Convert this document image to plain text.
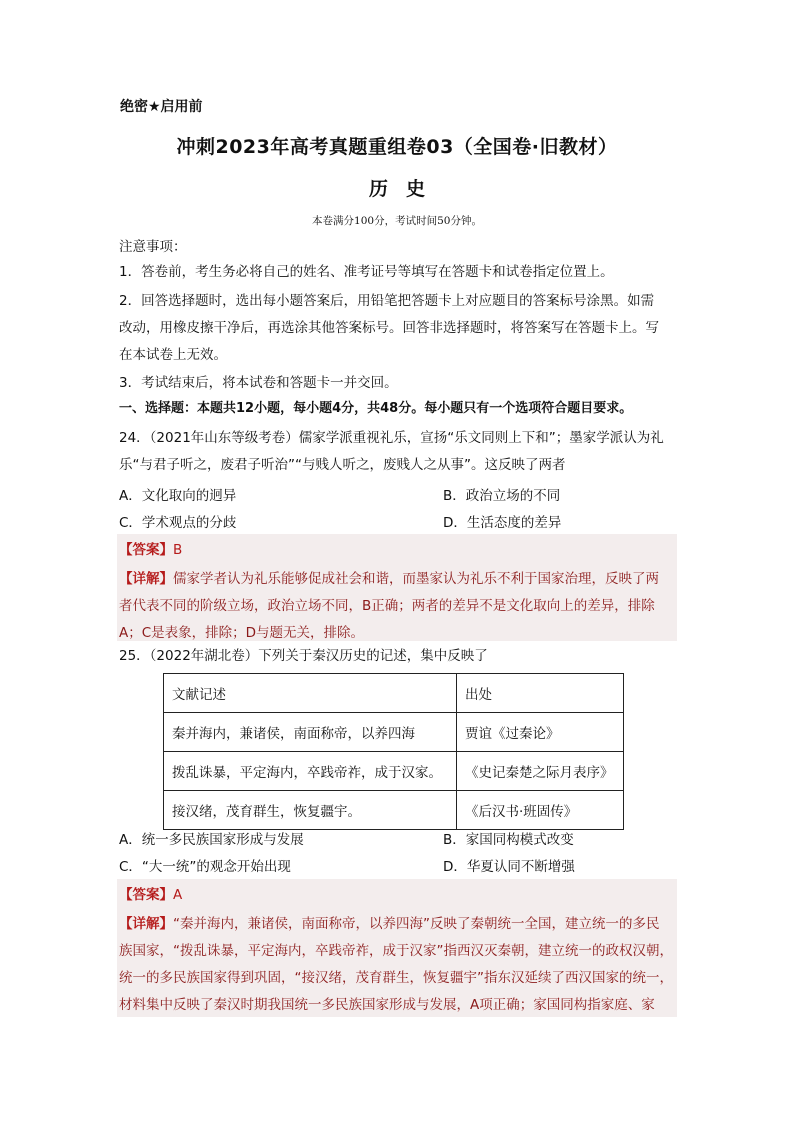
绝密★启用前
冲刺2023年高考真题重组卷03（全国卷·旧教材）
历史
本卷满分100分，考试时间50分钟。
注意事项：
1．答卷前，考生务必将自己的姓名、准考证号等填写在答题卡和试卷指定位置上。
2．回答选择题时，选出每小题答案后，用铅笔把答题卡上对应题目的答案标号涂黑。如需
改动，用橡皮擦干净后，再选涂其他答案标号。回答非选择题时，将答案写在答题卡上。写
在本试卷上无效。
3．考试结束后，将本试卷和答题卡一并交回。
一、选择题：本题共12小题，每小题4分，共48分。每小题只有一个选项符合题目要求。
24．（2021年山东等级考卷）儒家学派重视礼乐，宣扬“乐文同则上下和”；墨家学派认为礼
乐“与君子听之，废君子听治”“与贱人听之，废贱人之从事”。这反映了两者
A．文化取向的迥异	B．政治立场的不同
C．学术观点的分歧	D．生活态度的差异
【答案】B
【详解】儒家学者认为礼乐能够促成社会和谐，而墨家认为礼乐不利于国家治理，反映了两
者代表不同的阶级立场，政治立场不同，B正确；两者的差异不是文化取向上的差异，排除
A；C是表象，排除；D与题无关，排除。
25．（2022年湖北卷）下列关于秦汉历史的记述，集中反映了
文献记述	出处
秦并海内，兼诸侯，南面称帝，以养四海	贾谊《过秦论》
拨乱诛暴，平定海内，卒践帝祚，成于汉家。	《史记秦楚之际月表序》
接汉绪，茂育群生，恢复疆宇。	《后汉书·班固传》
A．统一多民族国家形成与发展	B．家国同构模式改变
C．“大一统”的观念开始出现	D．华夏认同不断增强
【答案】A
【详解】“秦并海内，兼诸侯，南面称帝，以养四海”反映了秦朝统一全国，建立统一的多民
族国家，“拨乱诛暴，平定海内，卒践帝祚，成于汉家”指西汉灭秦朝，建立统一的政权汉朝，
统一的多民族国家得到巩固，“接汉绪，茂育群生，恢复疆宇”指东汉延续了西汉国家的统一，
材料集中反映了秦汉时期我国统一多民族国家形成与发展，A项正确；家国同构指家庭、家
